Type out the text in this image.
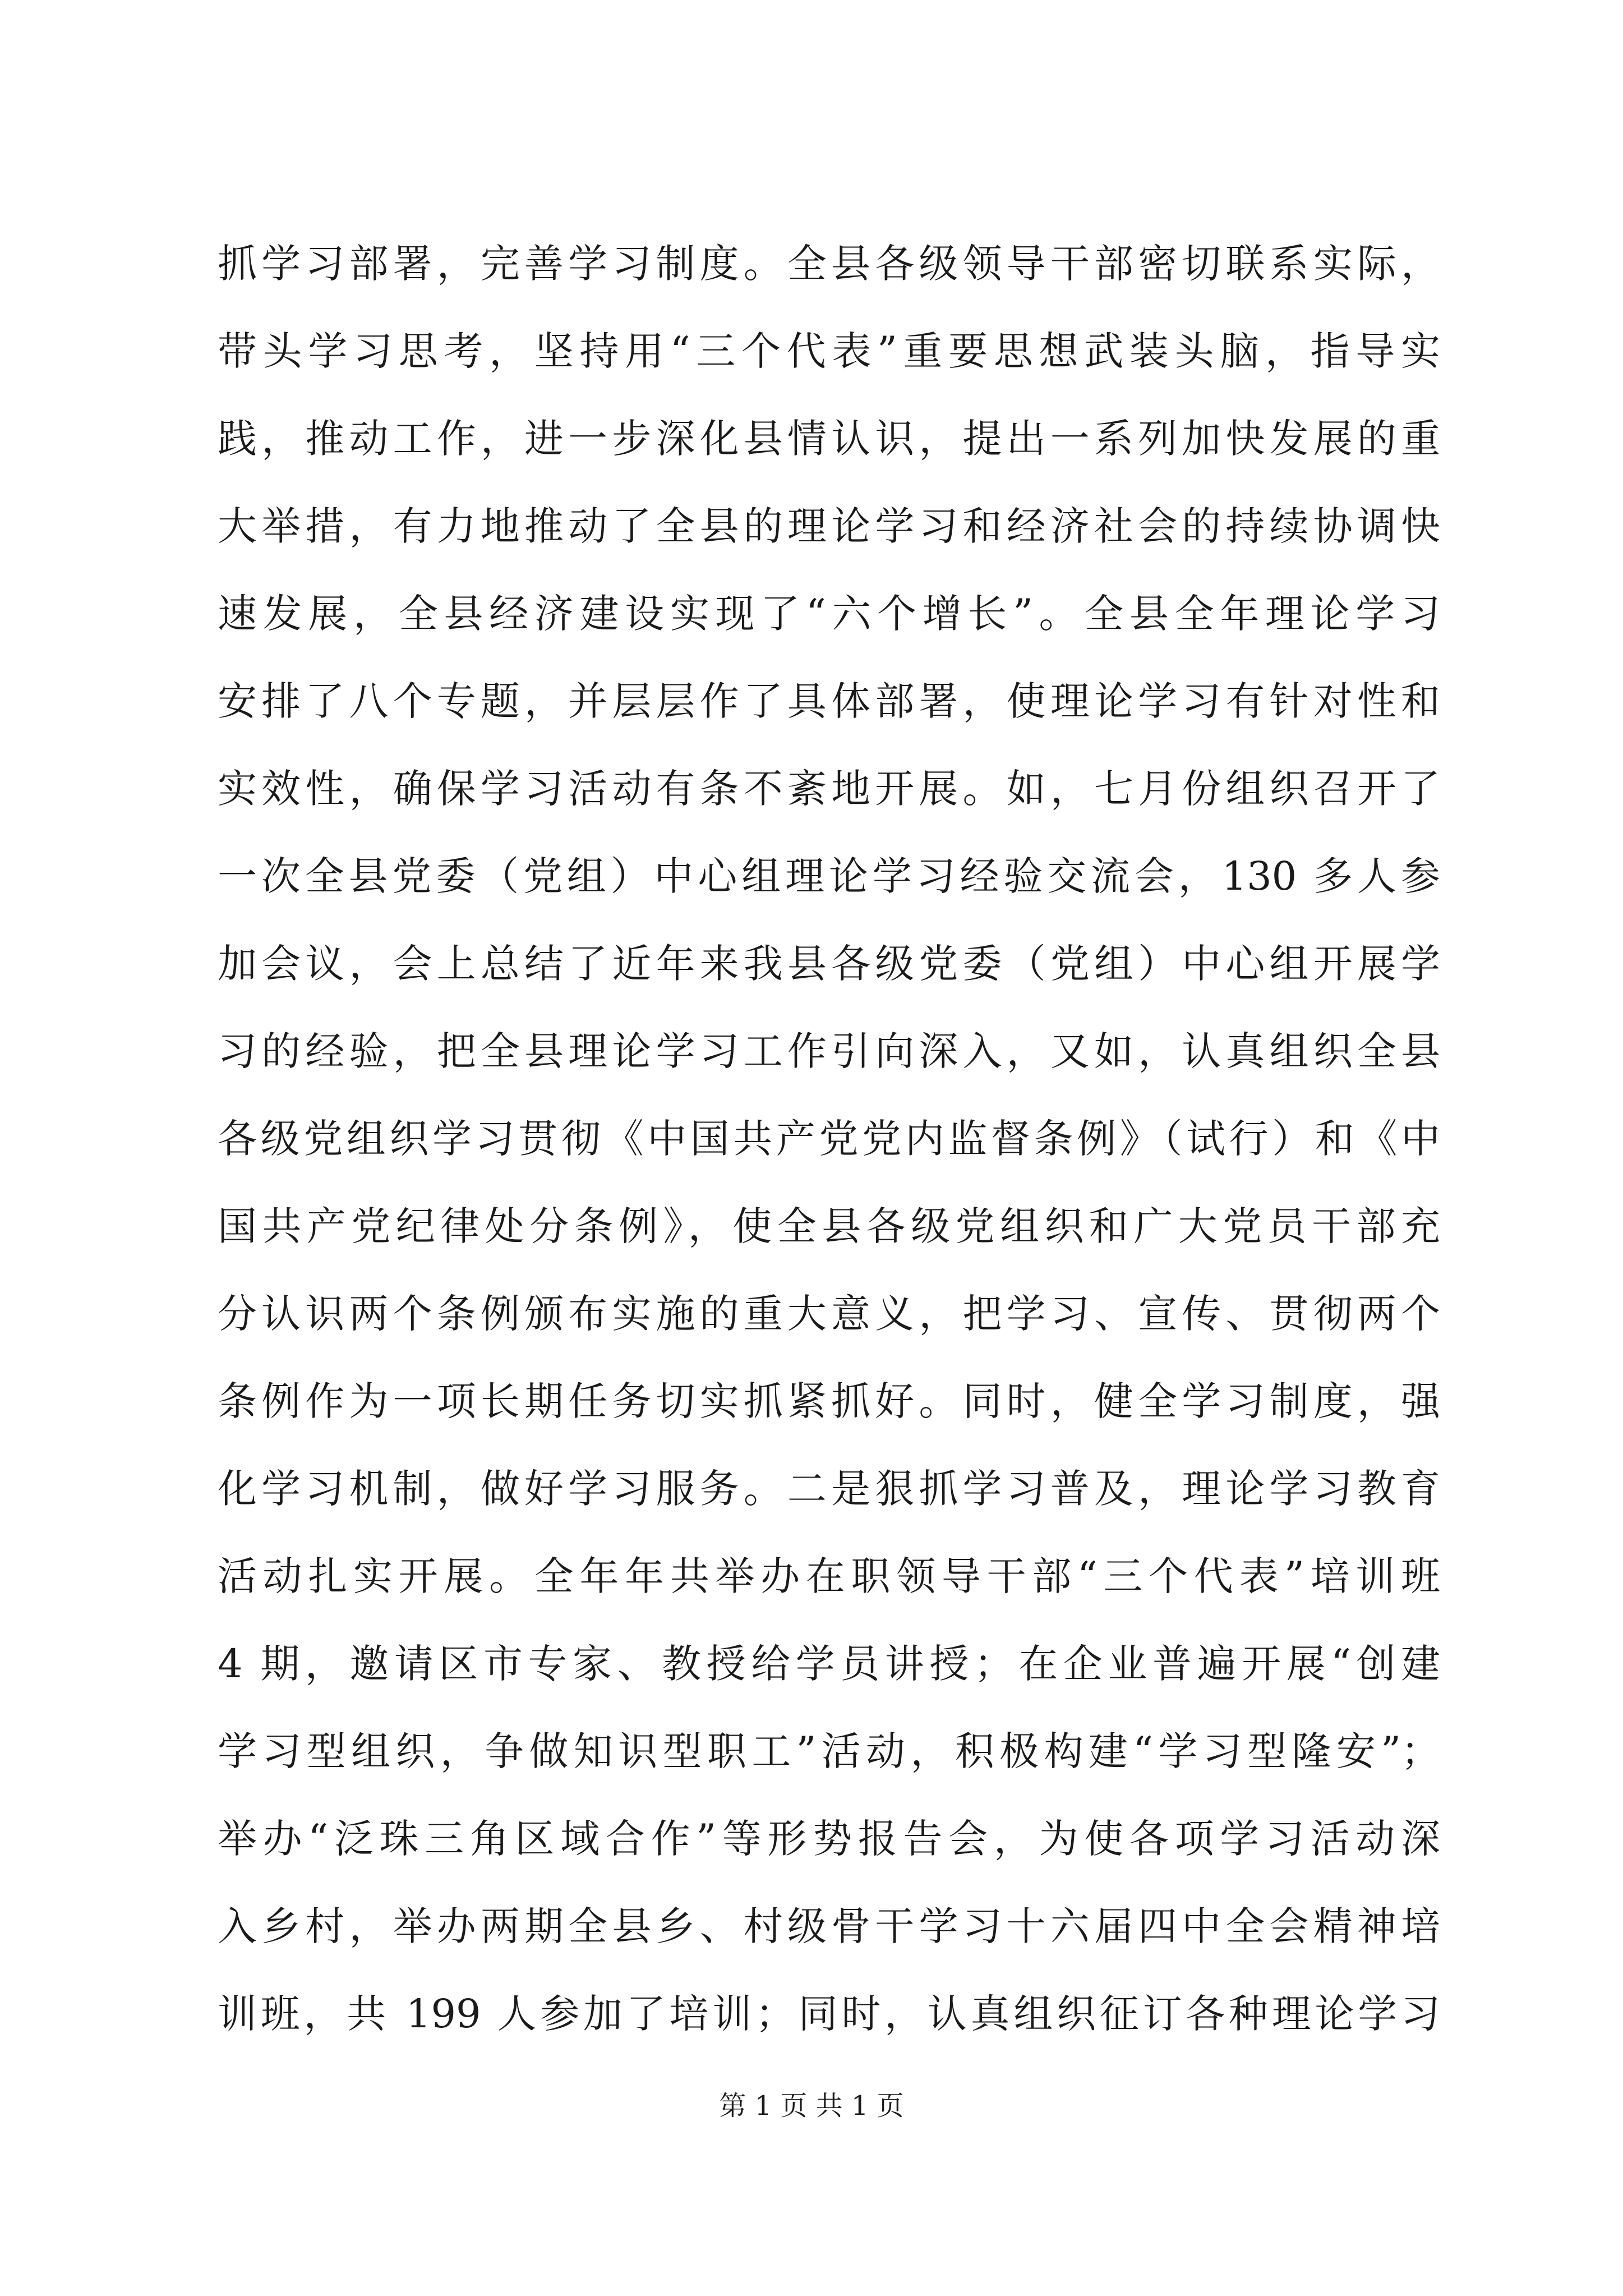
抓学习部署，完善学习制度。全县各级领导干部密切联系实际，
带头学习思考，坚持用“三个代表”重要思想武装头脑，指导实
践，推动工作，进一步深化县情认识，提出一系列加快发展的重
大举措，有力地推动了全县的理论学习和经济社会的持续协调快
速发展，全县经济建设实现了“六个增长”。全县全年理论学习
安排了八个专题，并层层作了具体部署，使理论学习有针对性和
实效性，确保学习活动有条不紊地开展。如，七月份组织召开了
一次全县党委（党组）中心组理论学习经验交流会，130 多人参
加会议，会上总结了近年来我县各级党委（党组）中心组开展学
习的经验，把全县理论学习工作引向深入，又如，认真组织全县
各级党组织学习贯彻《中国共产党党内监督条例》（试行）和《中
国共产党纪律处分条例》，使全县各级党组织和广大党员干部充
分认识两个条例颁布实施的重大意义，把学习、宣传、贯彻两个
条例作为一项长期任务切实抓紧抓好。同时，健全学习制度，强
化学习机制，做好学习服务。二是狠抓学习普及，理论学习教育
活动扎实开展。全年年共举办在职领导干部“三个代表”培训班
4 期，邀请区市专家、教授给学员讲授；在企业普遍开展“创建
学习型组织，争做知识型职工”活动，积极构建“学习型隆安”；
举办“泛珠三角区域合作”等形势报告会，为使各项学习活动深
入乡村，举办两期全县乡、村级骨干学习十六届四中全会精神培
训班，共 199 人参加了培训；同时，认真组织征订各种理论学习
第 1 页 共 1 页
